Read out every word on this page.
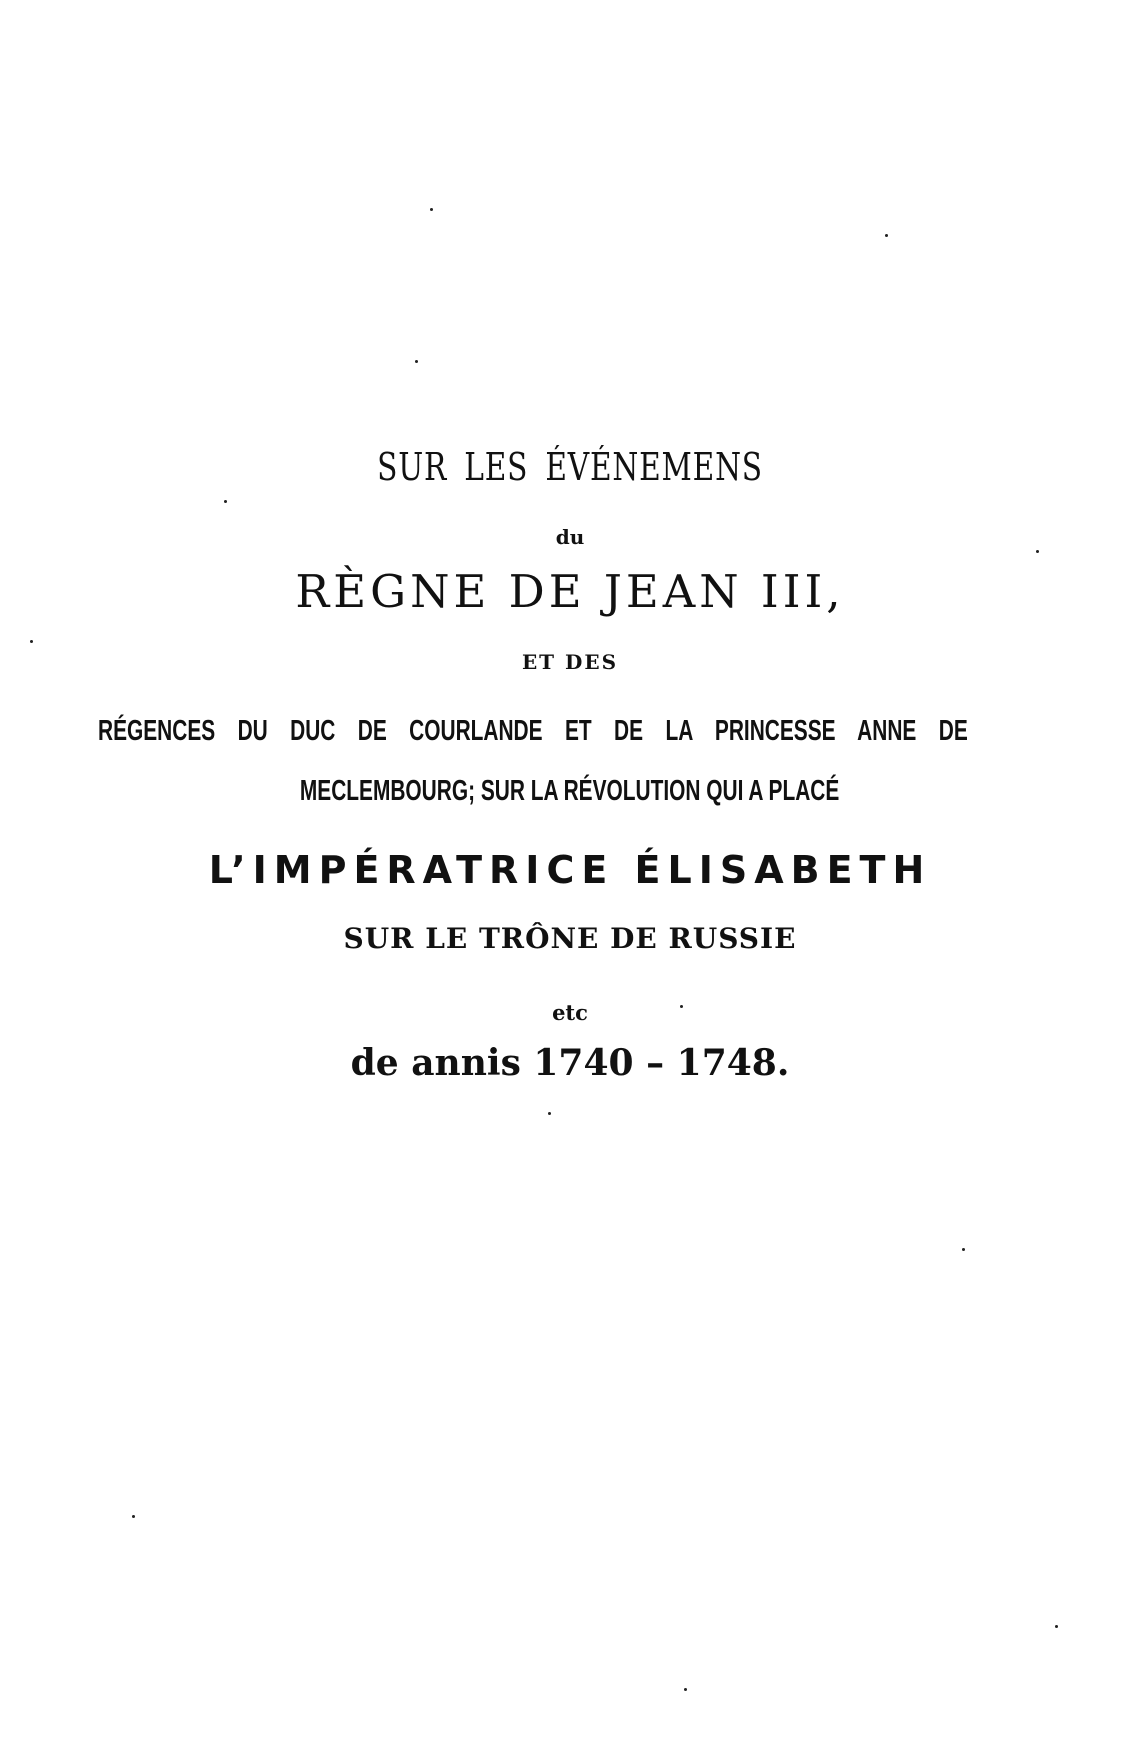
SUR LES ÉVÉNEMENS

du

RÈGNE DE JEAN III,

ET DES

RÉGENCES DU DUC DE COURLANDE ET DE LA PRINCESSE ANNE DE

MECLEMBOURG; SUR LA RÉVOLUTION QUI A PLACÉ

L’IMPÉRATRICE ÉLISABETH

SUR LE TRÔNE DE RUSSIE

etc

de annis 1740 – 1748.
